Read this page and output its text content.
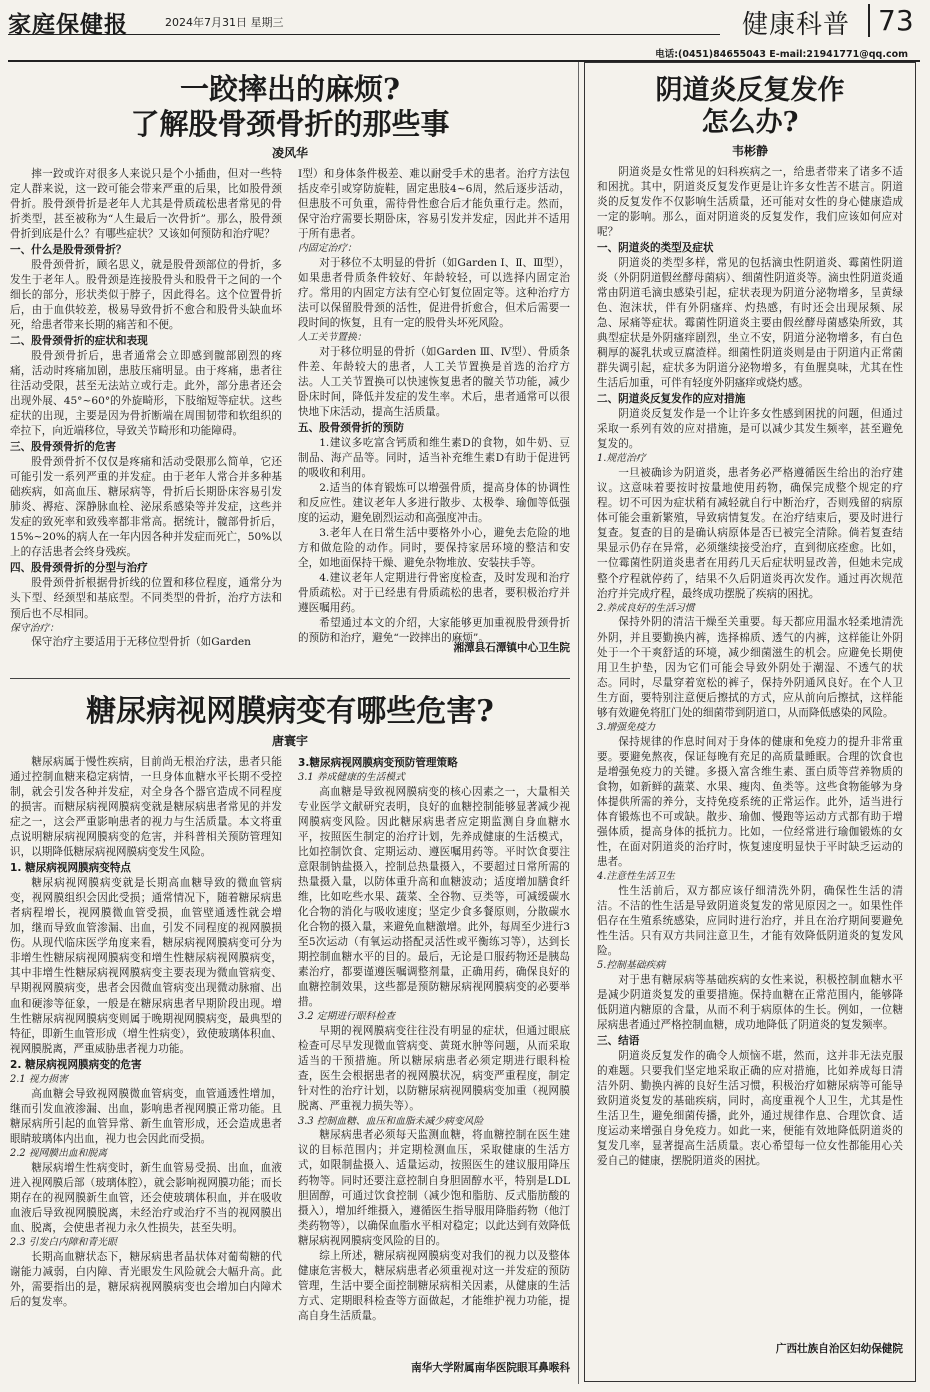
家庭保健报	2024年7月31日 星期三	健康科普 73
电话:(0451)84655043 E-mail:21941771@qq.com
一跤摔出的麻烦?
了解股骨颈骨折的那些事
凌风华

摔一跤或许对很多人来说只是个小插曲，但对一些特定人群来说，这一跤可能会带来严重的后果，比如股骨颈骨折。股骨颈骨折是老年人尤其是骨质疏松患者常见的骨折类型，甚至被称为“人生最后一次骨折”。那么，股骨颈骨折到底是什么？有哪些症状？又该如何预防和治疗呢？

一、什么是股骨颈骨折？

股骨颈骨折，顾名思义，就是股骨颈部位的骨折，多发生于老年人。股骨颈是连接股骨头和股骨干之间的一个细长的部分，形状类似于脖子，因此得名。这个位置骨折后，由于血供较差，极易导致骨折不愈合和股骨头缺血坏死，给患者带来长期的痛苦和不便。

二、股骨颈骨折的症状和表现

股骨颈骨折后，患者通常会立即感到髋部剧烈的疼痛，活动时疼痛加剧，患肢压痛明显。由于疼痛，患者往往活动受限，甚至无法站立或行走。此外，部分患者还会出现外展、45°~60°的外旋畸形，下肢缩短等症状。这些症状的出现，主要是因为骨折断端在周围韧带和软组织的牵拉下，向近端移位，导致关节畸形和功能障碍。

三、股骨颈骨折的危害

股骨颈骨折不仅仅是疼痛和活动受限那么简单，它还可能引发一系列严重的并发症。由于老年人常合并多种基础疾病，如高血压、糖尿病等，骨折后长期卧床容易引发肺炎、褥疮、深静脉血栓、泌尿系感染等并发症，这些并发症的致死率和致残率都非常高。据统计，髋部骨折后，15%~20%的病人在一年内因各种并发症而死亡，50%以上的存活患者会终身残疾。

四、股骨颈骨折的分型与治疗

股骨颈骨折根据骨折线的位置和移位程度，通常分为头下型、经颈型和基底型。不同类型的骨折，治疗方法和预后也不尽相同。

保守治疗：

保守治疗主要适用于无移位型骨折（如Garden

Ⅰ型）和身体条件极差、难以耐受手术的患者。治疗方法包括皮牵引或穿防旋鞋，固定患肢4~6周，然后逐步活动，但患肢不可负重，需待骨性愈合后才能负重行走。然而，保守治疗需要长期卧床，容易引发并发症，因此并不适用于所有患者。

内固定治疗：

对于移位不太明显的骨折（如Garden Ⅰ、Ⅱ、Ⅲ型），如果患者骨质条件较好、年龄较轻，可以选择内固定治疗。常用的内固定方法有空心钉复位固定等。这种治疗方法可以保留股骨颈的活性，促进骨折愈合，但术后需要一段时间的恢复，且有一定的股骨头坏死风险。

人工关节置换：

对于移位明显的骨折（如Garden Ⅲ、Ⅳ型）、骨质条件差、年龄较大的患者，人工关节置换是首选的治疗方法。人工关节置换可以快速恢复患者的髋关节功能，减少卧床时间，降低并发症的发生率。术后，患者通常可以很快地下床活动，提高生活质量。

五、股骨颈骨折的预防

1.建议多吃富含钙质和维生素D的食物，如牛奶、豆制品、海产品等。同时，适当补充维生素D有助于促进钙的吸收和利用。

2.适当的体育锻炼可以增强骨质，提高身体的协调性和反应性。建议老年人多进行散步、太极拳、瑜伽等低强度的运动，避免剧烈运动和高强度冲击。

3.老年人在日常生活中要格外小心，避免去危险的地方和做危险的动作。同时，要保持家居环境的整洁和安全，如地面保持干燥、避免杂物堆放、安装扶手等。

4.建议老年人定期进行骨密度检查，及时发现和治疗骨质疏松。对于已经患有骨质疏松的患者，要积极治疗并遵医嘱用药。

希望通过本文的介绍，大家能够更加重视股骨颈骨折的预防和治疗，避免“一跤摔出的麻烦”。

湘潭县石潭镇中心卫生院
糖尿病视网膜病变有哪些危害?
唐寰宇

糖尿病属于慢性疾病，目前尚无根治疗法，患者只能通过控制血糖来稳定病情，一旦身体血糖水平长期不受控制，就会引发各种并发症，对全身各个器官造成不同程度的损害。而糖尿病视网膜病变就是糖尿病患者常见的并发症之一，这会严重影响患者的视力与生活质量。本文将重点说明糖尿病视网膜病变的危害，并科普相关预防管理知识，以期降低糖尿病视网膜病变发生风险。

1. 糖尿病视网膜病变特点

糖尿病视网膜病变就是长期高血糖导致的微血管病变，视网膜组织会因此受损；通常情况下，随着糖尿病患者病程增长，视网膜微血管受损，血管壁通透性就会增加，继而导致血管渗漏、出血，引发不同程度的视网膜损伤。从现代临床医学角度来看，糖尿病视网膜病变可分为非增生性糖尿病视网膜病变和增生性糖尿病视网膜病变，其中非增生性糖尿病视网膜病变主要表现为微血管病变、早期视网膜病变，患者会因微血管病变出现微动脉瘤、出血和硬渗等征象，一般是在糖尿病患者早期阶段出现。增生性糖尿病视网膜病变则属于晚期视网膜病变，最典型的特征，即新生血管形成（增生性病变），致使玻璃体积血、视网膜脱离，严重威胁患者视力功能。

2. 糖尿病视网膜病变的危害
2.1 视力损害

高血糖会导致视网膜微血管病变，血管通透性增加，继而引发血液渗漏、出血，影响患者视网膜正常功能。且糖尿病所引起的血管异常、新生血管形成，还会造成患者眼睛玻璃体内出血，视力也会因此而受损。

2.2 视网膜出血和脱离

糖尿病增生性病变时，新生血管易受损、出血，血液进入视网膜后部（玻璃体腔），就会影响视网膜功能；而长期存在的视网膜新生血管，还会使玻璃体积血，并在吸收血液后导致视网膜脱离，未经治疗或治疗不当的视网膜出血、脱离，会使患者视力永久性损失，甚至失明。

2.3 引发白内障和青光眼

长期高血糖状态下，糖尿病患者晶状体对葡萄糖的代谢能力减弱，白内障、青光眼发生风险就会大幅升高。此外，需要指出的是，糖尿病视网膜病变也会增加白内障术后的复发率。

3.糖尿病视网膜病变预防管理策略
3.1 养成健康的生活模式

高血糖是导致视网膜病变的核心因素之一，大量相关专业医学文献研究表明，良好的血糖控制能够显著减少视网膜病变风险。因此糖尿病患者应定期监测自身血糖水平，按照医生制定的治疗计划，先养成健康的生活模式，比如控制饮食、定期运动、遵医嘱用药等。平时饮食要注意限制钠盐摄入，控制总热量摄入，不要超过日常所需的热量摄入量，以防体重升高和血糖波动；适度增加膳食纤维，比如吃些水果、蔬菜、全谷物、豆类等，可减缓碳水化合物的消化与吸收速度；坚定少食多餐原则，分散碳水化合物的摄入量，来避免血糖激增。此外，每周至少进行3至5次运动（有氧运动搭配灵活性或平衡练习等），达到长期控制血糖水平的目的。最后，无论是口服药物还是胰岛素治疗，都要谨遵医嘱调整剂量，正确用药，确保良好的血糖控制效果，这些都是预防糖尿病视网膜病变的必要举措。

3.2 定期进行眼科检查

早期的视网膜病变往往没有明显的症状，但通过眼底检查可尽早发现微血管病变、黄斑水肿等问题，从而采取适当的干预措施。所以糖尿病患者必须定期进行眼科检查，医生会根据患者的视网膜状况，病变严重程度，制定针对性的治疗计划，以防糖尿病视网膜病变加重（视网膜脱离、严重视力损失等）。

3.3 控制血糖、血压和血脂未减少病变风险

糖尿病患者必须每天监测血糖，将血糖控制在医生建议的目标范围内；并定期检测血压，采取健康的生活方式，如限制盐摄入、适量运动，按照医生的建议服用降压药物等。同时还要注意控制自身胆固醇水平，特别是LDL胆固醇，可通过饮食控制（减少饱和脂肪、反式脂肪酸的摄入），增加纤维摄入，遵循医生指导服用降脂药物（他汀类药物等），以确保血脂水平相对稳定；以此达到有效降低糖尿病视网膜病变风险的目的。

综上所述，糖尿病视网膜病变对我们的视力以及整体健康危害极大，糖尿病患者必须重视对这一并发症的预防管理，生活中要全面控制糖尿病相关因素，从健康的生活方式、定期眼科检查等方面做起，才能维护视力功能，提高自身生活质量。

南华大学附属南华医院眼耳鼻喉科
阴道炎反复发作
怎么办?
韦彬静

阴道炎是女性常见的妇科疾病之一，给患者带来了诸多不适和困扰。其中，阴道炎反复发作更是让许多女性苦不堪言。阴道炎的反复发作不仅影响生活质量，还可能对女性的身心健康造成一定的影响。那么，面对阴道炎的反复发作，我们应该如何应对呢？

一、阴道炎的类型及症状

阴道炎的类型多样，常见的包括滴虫性阴道炎、霉菌性阴道炎（外阴阴道假丝酵母菌病）、细菌性阴道炎等。滴虫性阴道炎通常由阴道毛滴虫感染引起，症状表现为阴道分泌物增多，呈黄绿色、泡沫状，伴有外阴瘙痒、灼热感，有时还会出现尿频、尿急、尿痛等症状。霉菌性阴道炎主要由假丝酵母菌感染所致，其典型症状是外阴瘙痒剧烈，坐立不安，阴道分泌物增多，有白色稠厚的凝乳状或豆腐渣样。细菌性阴道炎则是由于阴道内正常菌群失调引起，症状多为阴道分泌物增多，有鱼腥臭味，尤其在性生活后加重，可伴有轻度外阴瘙痒或烧灼感。

二、阴道炎反复发作的应对措施

阴道炎反复发作是一个让许多女性感到困扰的问题，但通过采取一系列有效的应对措施，是可以减少其发生频率，甚至避免复发的。

1.规范治疗

一旦被确诊为阴道炎，患者务必严格遵循医生给出的治疗建议。这意味着要按时按量地使用药物，确保完成整个规定的疗程。切不可因为症状稍有减轻就自行中断治疗，否则残留的病原体可能会重新繁殖，导致病情复发。在治疗结束后，要及时进行复查。复查的目的是确认病原体是否已被完全清除。倘若复查结果显示仍存在异常，必须继续接受治疗，直到彻底痊愈。比如，一位霉菌性阴道炎患者在用药几天后症状明显改善，但她未完成整个疗程就停药了，结果不久后阴道炎再次发作。通过再次规范治疗并完成疗程，最终成功摆脱了疾病的困扰。

2.养成良好的生活习惯

保持外阴的清洁干燥至关重要。每天都应用温水轻柔地清洗外阴，并且要勤换内裤，选择棉质、透气的内裤，这样能让外阴处于一个干爽舒适的环境，减少细菌滋生的机会。应避免长期使用卫生护垫，因为它们可能会导致外阴处于潮湿、不透气的状态。同时，尽量穿着宽松的裤子，保持外阴通风良好。在个人卫生方面，要特别注意便后擦拭的方式，应从前向后擦拭，这样能够有效避免将肛门处的细菌带到阴道口，从而降低感染的风险。

3.增强免疫力

保持规律的作息时间对于身体的健康和免疫力的提升非常重要。要避免熬夜，保证每晚有充足的高质量睡眠。合理的饮食也是增强免疫力的关键。多摄入富含维生素、蛋白质等营养物质的食物，如新鲜的蔬菜、水果、瘦肉、鱼类等。这些食物能够为身体提供所需的养分，支持免疫系统的正常运作。此外，适当进行体育锻炼也不可或缺。散步、瑜伽、慢跑等运动方式都有助于增强体质，提高身体的抵抗力。比如，一位经常进行瑜伽锻炼的女性，在面对阴道炎的治疗时，恢复速度明显快于平时缺乏运动的患者。

4.注意性生活卫生

性生活前后，双方都应该仔细清洗外阴，确保性生活的清洁。不洁的性生活是导致阴道炎复发的常见原因之一。如果性伴侣存在生殖系统感染，应同时进行治疗，并且在治疗期间要避免性生活。只有双方共同注意卫生，才能有效降低阴道炎的复发风险。

5.控制基础疾病

对于患有糖尿病等基础疾病的女性来说，积极控制血糖水平是减少阴道炎复发的重要措施。保持血糖在正常范围内，能够降低阴道内糖原的含量，从而不利于病原体的生长。例如，一位糖尿病患者通过严格控制血糖，成功地降低了阴道炎的复发频率。

三、结语

阴道炎反复发作的确令人烦恼不堪，然而，这并非无法克服的难题。只要我们坚定地采取正确的应对措施，比如养成每日清洁外阴、勤换内裤的良好生活习惯，积极治疗如糖尿病等可能导致阴道炎复发的基础疾病，同时，高度重视个人卫生，尤其是性生活卫生，避免细菌传播，此外，通过规律作息、合理饮食、适度运动来增强自身免疫力。如此一来，便能有效地降低阴道炎的复发几率，显著提高生活质量。衷心希望每一位女性都能用心关爱自己的健康，摆脱阴道炎的困扰。

广西壮族自治区妇幼保健院
